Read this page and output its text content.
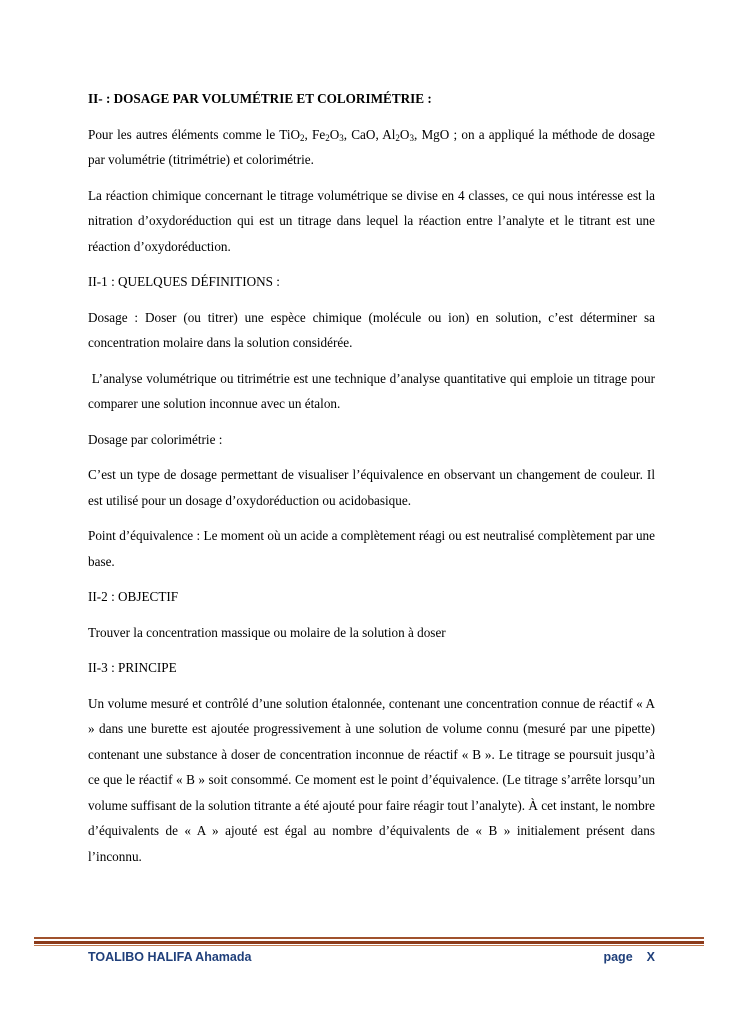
II- : DOSAGE PAR VOLUMÉTRIE ET COLORIMÉTRIE :

Pour les autres éléments comme le TiO$_2$, $Fe_2O_3$, CaO, $Al_2O_3$, MgO ; on a appliqué la méthode de dosage par volumétrie (titrimétrie) et colorimétrie.

La réaction chimique concernant le titrage volumétrique se divise en 4 classes, ce qui nous intéresse est la nitration d’oxydoréduction qui est un titrage dans lequel la réaction entre l’analyte et le titrant est une réaction d’oxydoréduction.

II-1 : QUELQUES DÉFINITIONS :

Dosage : Doser (ou titrer) une espèce chimique (molécule ou ion) en solution, c’est déterminer sa concentration molaire dans la solution considérée.

L’analyse volumétrique ou titrimétrie est une technique d’analyse quantitative qui emploie un titrage pour comparer une solution inconnue avec un étalon.

Dosage par colorimétrie :

C’est un type de dosage permettant de visualiser l’équivalence en observant un changement de couleur. Il est utilisé pour un dosage d’oxydoréduction ou acidobasique.

Point d’équivalence : Le moment où un acide a complètement réagi ou est neutralisé complètement par une base.

II-2 : OBJECTIF

Trouver la concentration massique ou molaire de la solution à doser

II-3 : PRINCIPE

Un volume mesuré et contrôlé d’une solution étalonnée, contenant une concentration connue de réactif « A » dans une burette est ajoutée progressivement à une solution de volume connu (mesuré par une pipette) contenant une substance à doser de concentration inconnue de réactif « B ». Le titrage se poursuit jusqu’à ce que le réactif « B » soit consommé. Ce moment est le point d’équivalence. (Le titrage s’arrête lorsqu’un volume suffisant de la solution titrante a été ajouté pour faire réagir tout l’analyte). À cet instant, le nombre d’équivalents de « A » ajouté est égal au nombre d’équivalents de « B » initialement présent dans l’inconnu.

TOALIBO HALIFA Ahamada	page X
